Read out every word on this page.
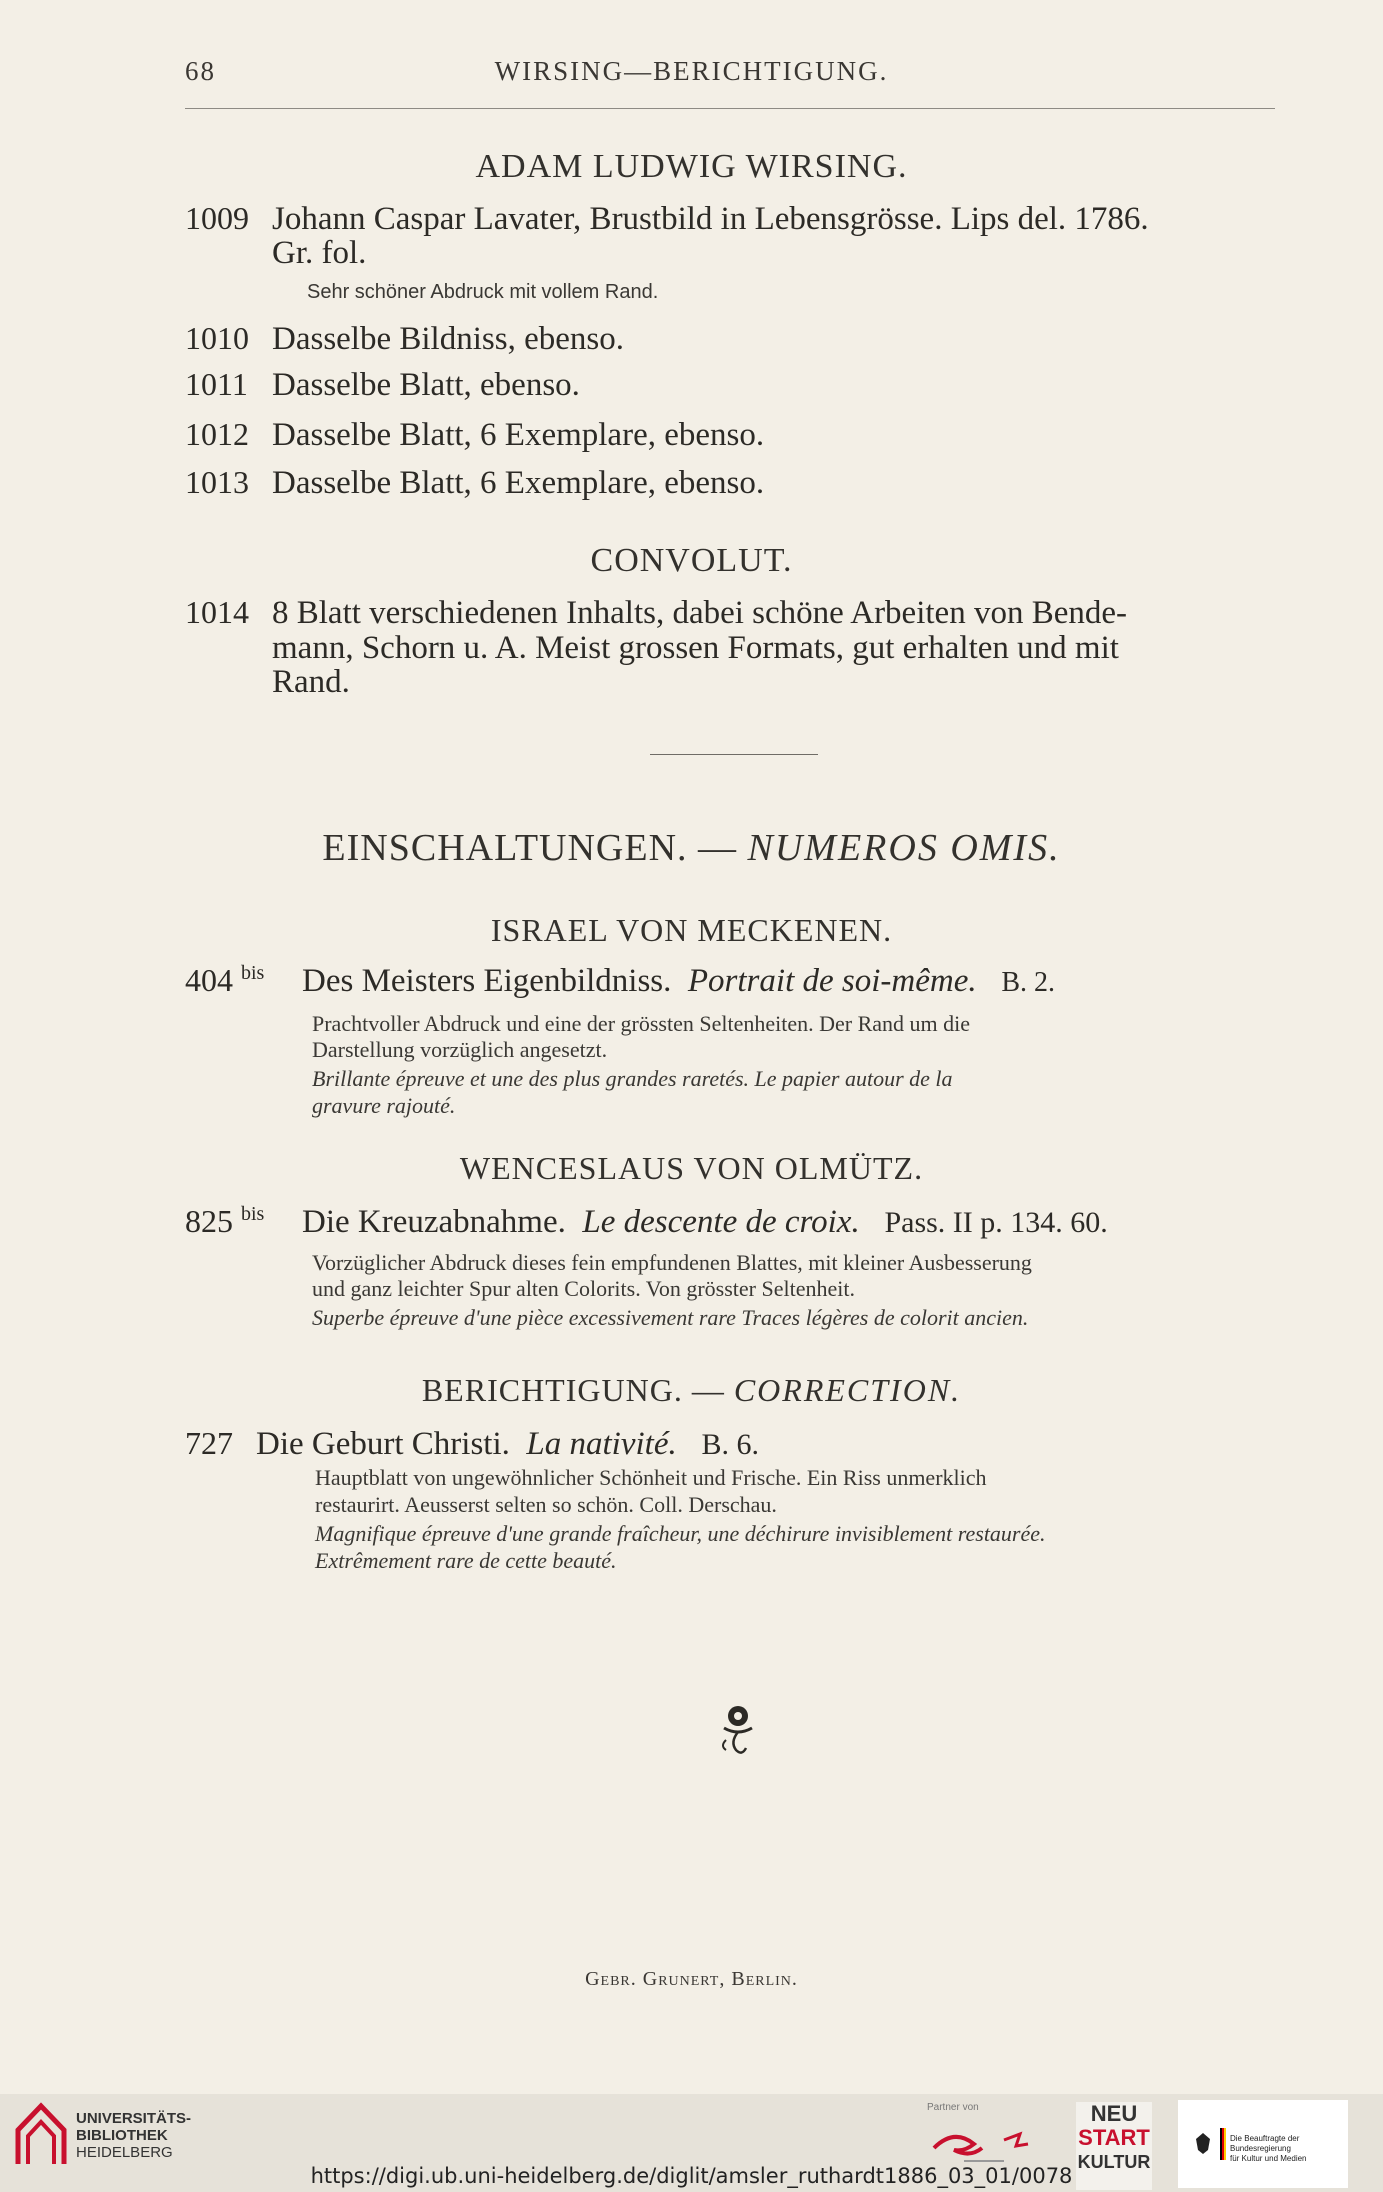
68	WIRSING—BERICHTIGUNG.
ADAM LUDWIG WIRSING.
1009 Johann Caspar Lavater, Brustbild in Lebensgrösse. Lips del. 1786.
Gr. fol.
Sehr schöner Abdruck mit vollem Rand.
1010 Dasselbe Bildniss, ebenso.
1011 Dasselbe Blatt, ebenso.
1012 Dasselbe Blatt, 6 Exemplare, ebenso.
1013 Dasselbe Blatt, 6 Exemplare, ebenso.
CONVOLUT.
1014 8 Blatt verschiedenen Inhalts, dabei schöne Arbeiten von Bende-
mann, Schorn u. A. Meist grossen Formats, gut erhalten und mit
Rand.
EINSCHALTUNGEN. — NUMEROS OMIS.
ISRAEL VON MECKENEN.
404 $^{bis}$ Des Meisters Eigenbildniss. Portrait de soi-même. B. 2.
Prachtvoller Abdruck und eine der grössten Seltenheiten. Der Rand um die
Darstellung vorzüglich angesetzt.
Brillante épreuve et une des plus grandes raretés. Le papier autour de la
gravure rajouté.
WENCESLAUS VON OLMÜTZ.
825 $^{bis}$ Die Kreuzabnahme. Le descente de croix. Pass. II p. 134. 60.
Vorzüglicher Abdruck dieses fein empfundenen Blattes, mit kleiner Ausbesserung
und ganz leichter Spur alten Colorits. Von grösster Seltenheit.
Superbe épreuve d'une pièce excessivement rare Traces légères de colorit ancien.
BERICHTIGUNG. — CORRECTION.
727 Die Geburt Christi. La nativité. B. 6.
Hauptblatt von ungewöhnlicher Schönheit und Frische. Ein Riss unmerklich
restaurirt. Aeusserst selten so schön. Coll. Derschau.
Magnifique épreuve d'une grande fraîcheur, une déchirure invisiblement restaurée.
Extrêmement rare de cette beauté.
Gebr. Grunert, Berlin.
UNIVERSITÄTS-
BIBLIOTHEK
HEIDELBERG
Partner von	NEU
START
KULTUR
Die Beauftragte der Bundesregierung
für Kultur und Medien
https://digi.ub.uni-heidelberg.de/diglit/amsler_ruthardt1886_03_01/0078
